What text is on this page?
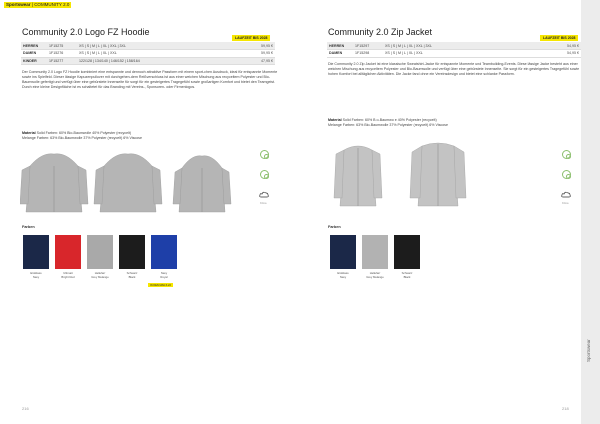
Sportswear | COMMUNITY 2.0
Community 2.0 Logo FZ Hoodie
LAUFZEIT BIS 2028
HERREN	1F15275	XS | S | M | L | XL | XXL | 3XL	59,95 €
DAMEN	1F15276	XS | S | M | L | XL | XXL	59,95 €
KINDER	1F15277	122/128 | 134/140 | 146/152 | 158/164	47,95 €
Der Community 2.0 Logo FZ Hoodie kombiniert eine entspannte und dennoch attraktive Passform mit einem sport-chen Ausdruck, ideal für entspannte Momente sowie ins Spielfeld. Dieser lässige Kapuzenpullover mit durchgehen-dem Reißverschluss ist aus einer weichen Mischung aus recyceltem Polyester und Bio-Baumwolle gefertigt und verfügt über eine gebürstete Innenseite für sorgt für ein gesteigertes Tragegefühl sowie großartigen Komfort und bietet den Teamgeist. Durch eine kleine Designfläche ist es schaltetet für das Branding mit Vereins-, Sponsoren- oder Firmenlogos.
Material Solid Farben: 60% Bio-Baumwolle 40% Polyester (recycelt)
Melange Farben: 63% Bio-Baumwolle 37% Polyester (recycelt) 6% Viscose
Klima
Farben
Erstklass
Navy
Ultimatt
Bright Red
Hellefarr
Grey Melange
Schwarz
Black
Navy
Royal
IN DEN MAILS 22
216
Community 2.0 Zip Jacket
LAUFZEIT BIS 2028
HERREN	1F15297	XS | S | M | L | XL | XXL | 3XL	54,95 €
DAMEN	1F15298	XS | S | M | L | XL | XXL	54,95 €
Die Community 2.0 Zip Jacket ist eine klassische Sweatshirt-Jacke für entspannte Momente und Teambuilding-Events. Diese lässige Jacke besteht aus einer weichen Mischung aus recyceltem Polyester und Bio-Baumwolle und verfügt über eine gebürstete Innenseite. Sie sorgt für ein gesteigertes Tragegefühl sowie hohen Komfort bei alltäglichen Aktivitäten. Die Jacke fand ohne ein Vereinsdesign und bietet eine schlanke Passform.
Material Solid Farben: 60% B o-Baumwo e 40% Polyester (recycelt)
Melange Farben: 63% Bio-Baumwolle 37% Polyester (recycelt) 6% Viscose
Klima
Farben
Erstklass
Navy
Hellefarr
Grey Melange
Schwarz
Black
218
Sportswear
